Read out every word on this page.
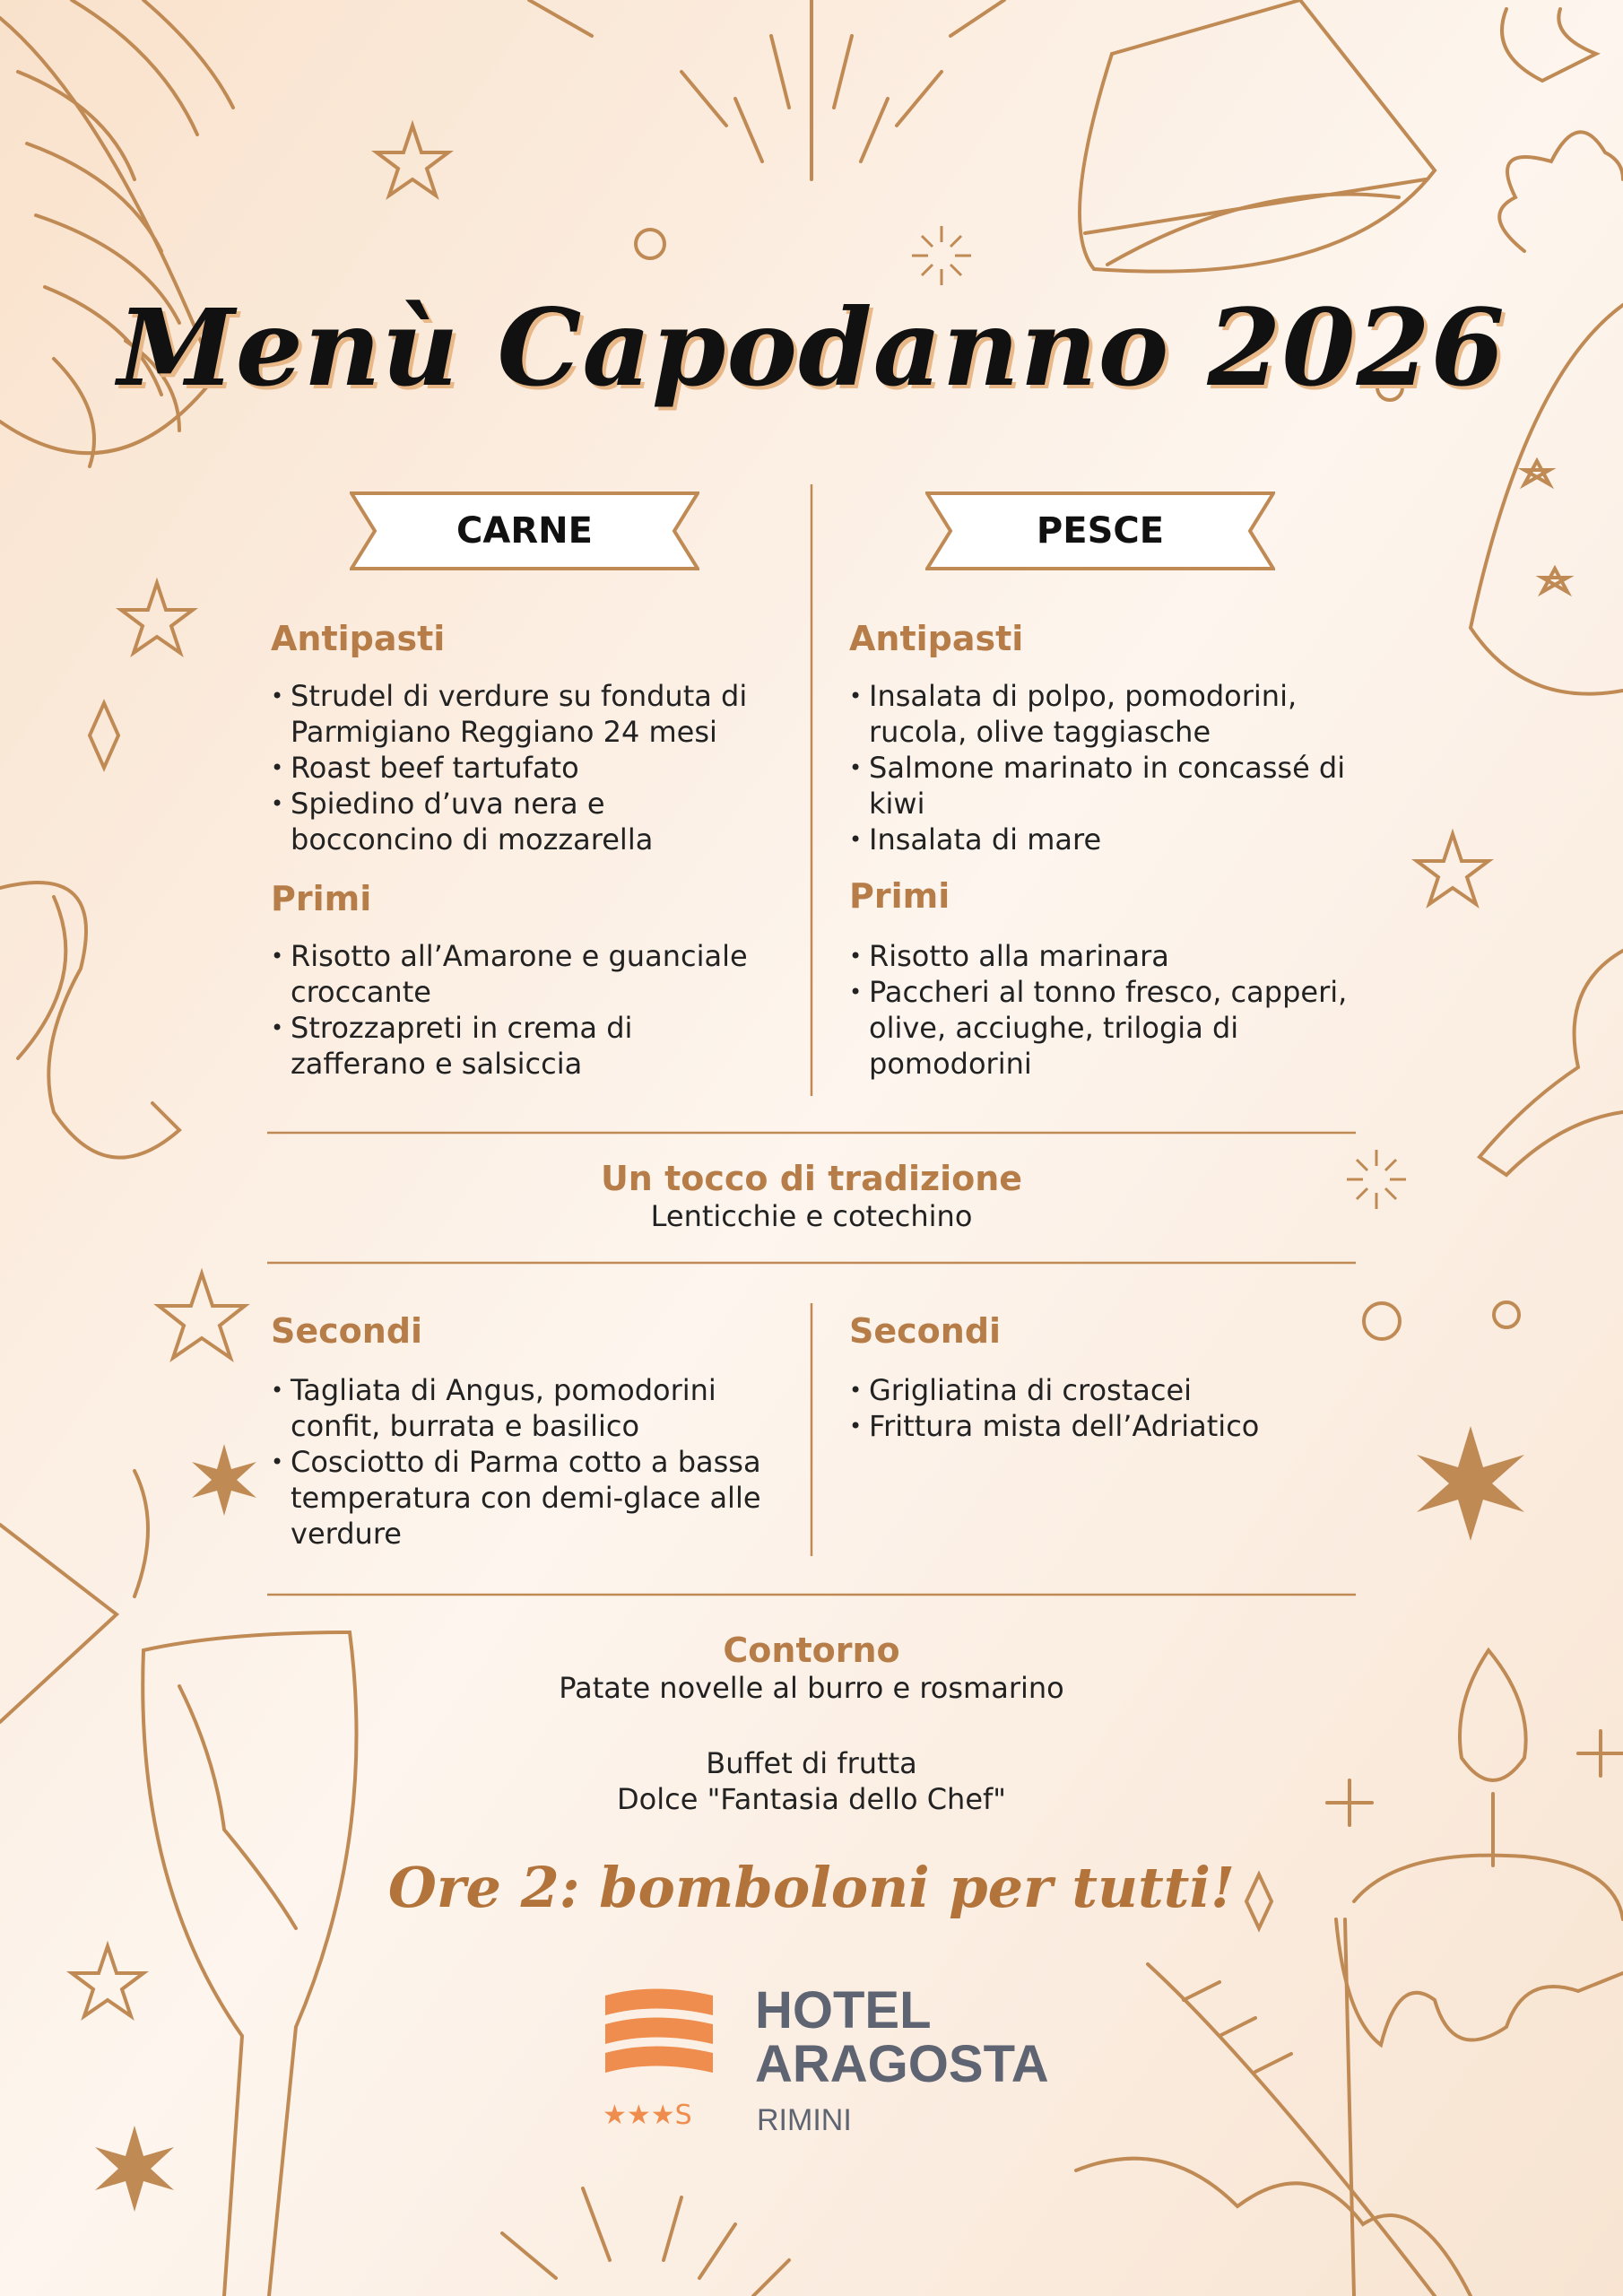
Menù Capodanno 2026
CARNE	PESCE
Antipasti
• Strudel di verdure su fonduta di Parmigiano Reggiano 24 mesi
• Roast beef tartufato
• Spiedino d’uva nera e bocconcino di mozzarella
Primi
• Risotto all’Amarone e guanciale croccante
• Strozzapreti in crema di zafferano e salsiccia
Antipasti
• Insalata di polpo, pomodorini, rucola, olive taggiasche
• Salmone marinato in concassé di kiwi
• Insalata di mare
Primi
• Risotto alla marinara
• Paccheri al tonno fresco, capperi, olive, acciughe, trilogia di pomodorini
Un tocco di tradizione
Lenticchie e cotechino
Secondi
• Tagliata di Angus, pomodorini confit, burrata e basilico
• Cosciotto di Parma cotto a bassa temperatura con demi-glace alle verdure
Secondi
• Grigliatina di crostacei
• Frittura mista dell’Adriatico
Contorno
Patate novelle al burro e rosmarino
Buffet di frutta
Dolce "Fantasia dello Chef"
Ore 2: bomboloni per tutti!
★★★S
HOTEL
ARAGOSTA
RIMINI
